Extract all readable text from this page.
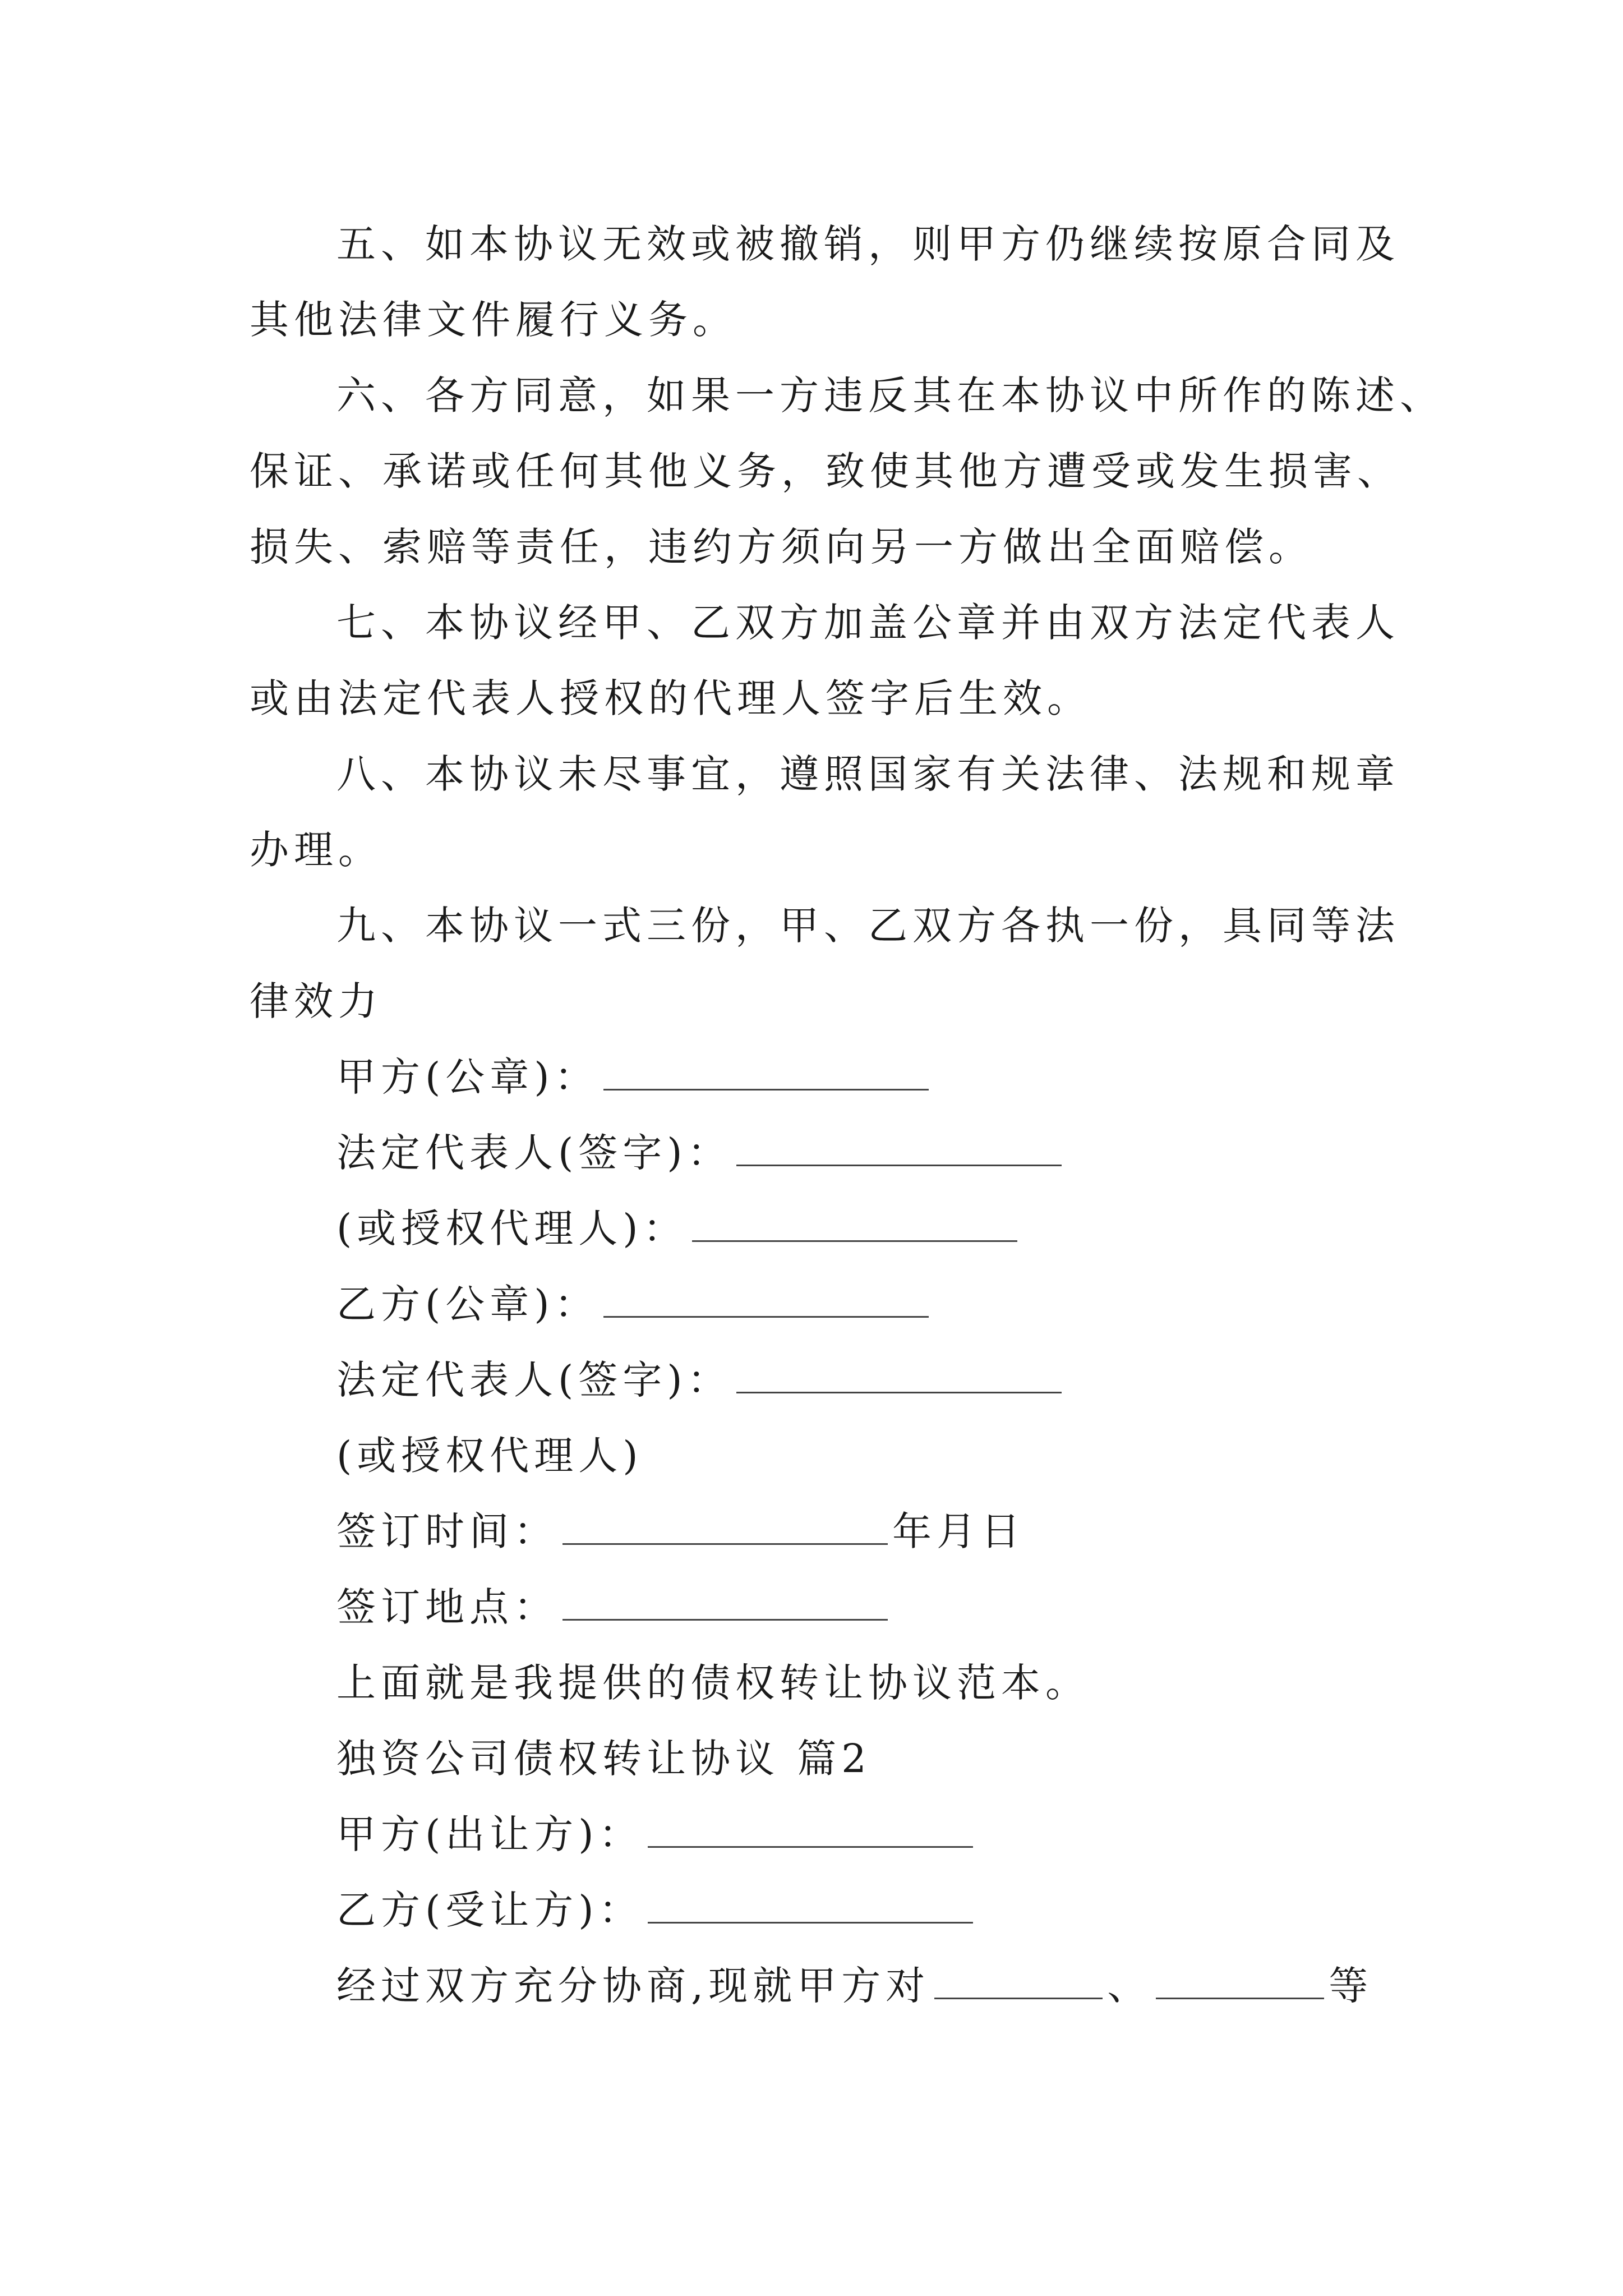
五、如本协议无效或被撤销，则甲方仍继续按原合同及
其他法律文件履行义务。
六、各方同意，如果一方违反其在本协议中所作的陈述、
保证、承诺或任何其他义务，致使其他方遭受或发生损害、
损失、索赔等责任，违约方须向另一方做出全面赔偿。
七、本协议经甲、乙双方加盖公章并由双方法定代表人
或由法定代表人授权的代理人签字后生效。
八、本协议未尽事宜，遵照国家有关法律、法规和规章
办理。
九、本协议一式三份，甲、乙双方各执一份，具同等法
律效力
甲方(公章)：
法定代表人(签字)：
(或授权代理人)：
乙方(公章)：
法定代表人(签字)：
(或授权代理人)
签订时间：	年月日
签订地点：
上面就是我提供的债权转让协议范本。
独资公司债权转让协议 篇2
甲方(出让方)：
乙方(受让方)：
经过双方充分协商,现就甲方对	、	等
